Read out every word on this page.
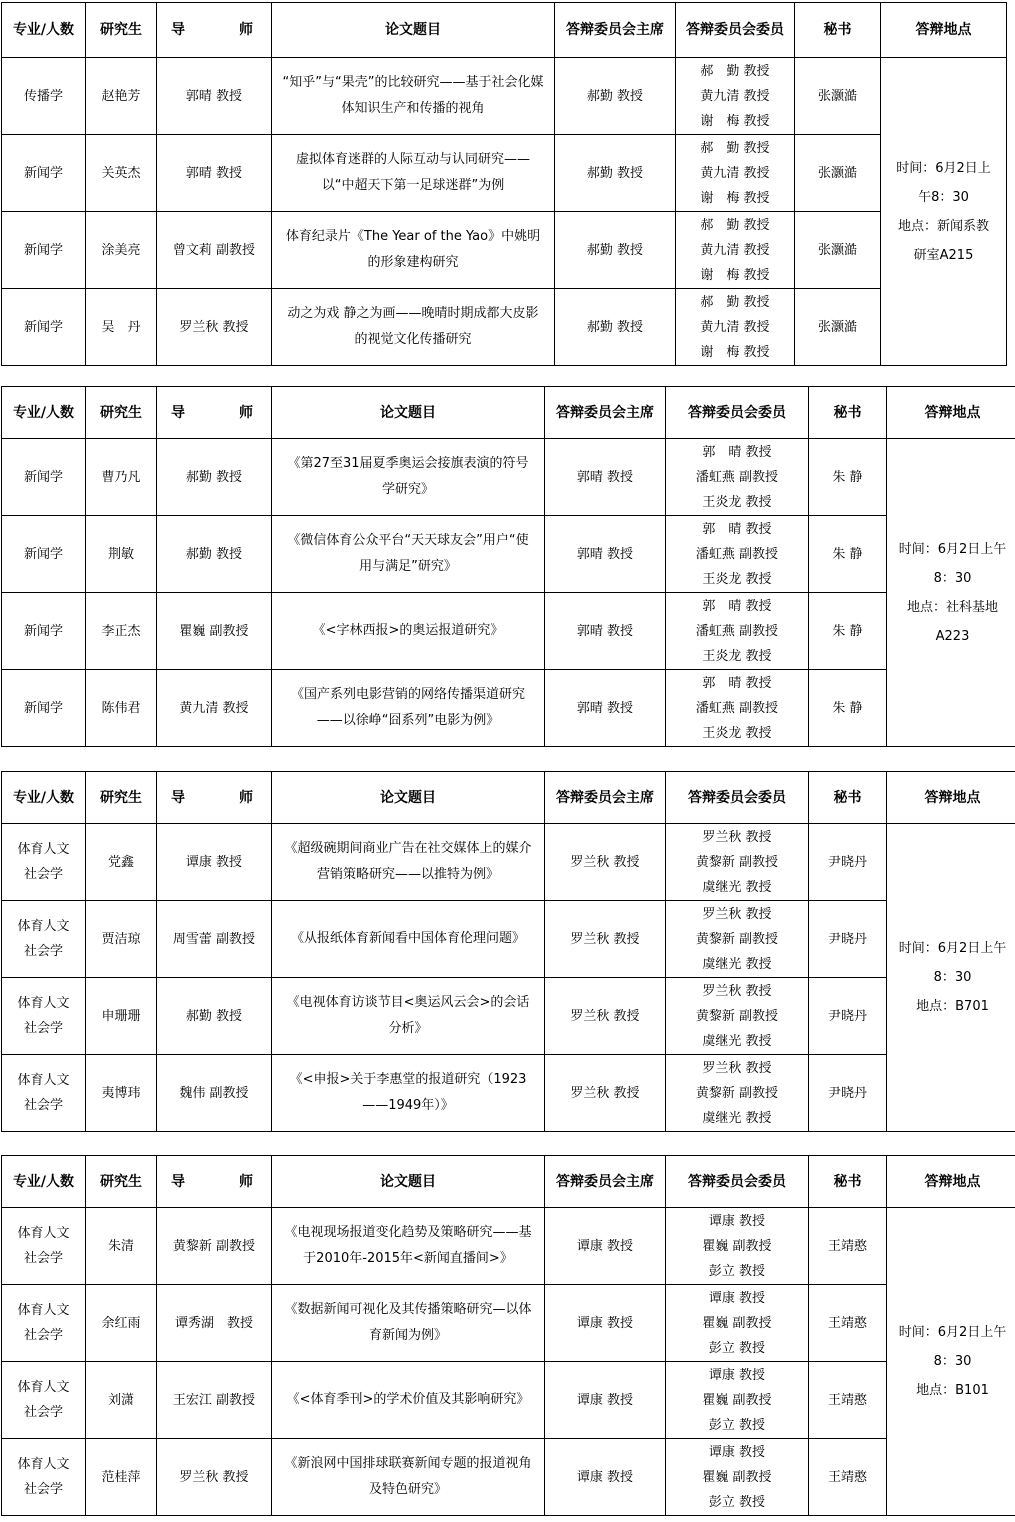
专业/人数	研究生	导 师	论文题目	答辩委员会主席	答辩委员会委员	秘书	答辩地点

传播学	赵艳芳	郭晴 教授	“知乎”与“果壳”的比较研究——基于社会化媒体知识生产和传播的视角	郝勤 教授	郝　勤 教授
黄九清 教授
谢　梅 教授	张灏澔	时间：6月2日上
午8：30
地点：新闻系教
研室A215

新闻学	关英杰	郭晴 教授	虚拟体育迷群的人际互动与认同研究——以“中超天下第一足球迷群”为例	郝勤 教授	郝　勤 教授
黄九清 教授
谢　梅 教授	张灏澔	

新闻学	涂美亮	曾文莉 副教授	体育纪录片《The Year of the Yao》中姚明的形象建构研究	郝勤 教授	郝　勤 教授
黄九清 教授
谢　梅 教授	张灏澔	

新闻学	吴　丹	罗兰秋 教授	动之为戏 静之为画——晚晴时期成都大皮影的视觉文化传播研究	郝勤 教授	郝　勤 教授
黄九清 教授
谢　梅 教授	张灏澔	
专业/人数	研究生	导 师	论文题目	答辩委员会主席	答辩委员会委员	秘书	答辩地点

新闻学	曹乃凡	郝勤 教授	《第27至31届夏季奥运会接旗表演的符号学研究》	郭晴 教授	郭　晴 教授
潘虹燕 副教授
王炎龙 教授	朱 静	时间：6月2日上午
8：30
地点：社科基地
A223

新闻学	荆敏	郝勤 教授	《微信体育公众平台“天天球友会”用户“使用与满足”研究》	郭晴 教授	郭　晴 教授
潘虹燕 副教授
王炎龙 教授	朱 静	

新闻学	李正杰	瞿巍 副教授	《<字林西报>的奥运报道研究》	郭晴 教授	郭　晴 教授
潘虹燕 副教授
王炎龙 教授	朱 静	

新闻学	陈伟君	黄九清 教授	《国产系列电影营销的网络传播渠道研究——以徐峥“囧系列”电影为例》	郭晴 教授	郭　晴 教授
潘虹燕 副教授
王炎龙 教授	朱 静	
专业/人数	研究生	导 师	论文题目	答辩委员会主席	答辩委员会委员	秘书	答辩地点

体育人文
社会学	党鑫	谭康 教授	《超级碗期间商业广告在社交媒体上的媒介营销策略研究——以推特为例》	罗兰秋 教授	罗兰秋 教授
黄黎新 副教授
虞继光 教授	尹晓丹	时间：6月2日上午
8：30
地点：B701

体育人文
社会学	贾洁琼	周雪蕾 副教授	《从报纸体育新闻看中国体育伦理问题》	罗兰秋 教授	罗兰秋 教授
黄黎新 副教授
虞继光 教授	尹晓丹	

体育人文
社会学	申珊珊	郝勤 教授	《电视体育访谈节目<奥运风云会>的会话分析》	罗兰秋 教授	罗兰秋 教授
黄黎新 副教授
虞继光 教授	尹晓丹	

体育人文
社会学	夷博玮	魏伟 副教授	《<申报>关于李惠堂的报道研究（1923——1949年）》	罗兰秋 教授	罗兰秋 教授
黄黎新 副教授
虞继光 教授	尹晓丹	
专业/人数	研究生	导 师	论文题目	答辩委员会主席	答辩委员会委员	秘书	答辩地点

体育人文
社会学	朱清	黄黎新 副教授	《电视现场报道变化趋势及策略研究——基于2010年-2015年<新闻直播间>》	谭康 教授	谭康 教授
瞿巍 副教授
彭立 教授	王靖憨	时间：6月2日上午
8：30
地点：B101

体育人文
社会学	余红雨	谭秀湖　教授	《数据新闻可视化及其传播策略研究—以体育新闻为例》	谭康 教授	谭康 教授
瞿巍 副教授
彭立 教授	王靖憨	

体育人文
社会学	刘潇	王宏江 副教授	《<体育季刊>的学术价值及其影响研究》	谭康 教授	谭康 教授
瞿巍 副教授
彭立 教授	王靖憨	

体育人文
社会学	范桂萍	罗兰秋 教授	《新浪网中国排球联赛新闻专题的报道视角及特色研究》	谭康 教授	谭康 教授
瞿巍 副教授
彭立 教授	王靖憨	
